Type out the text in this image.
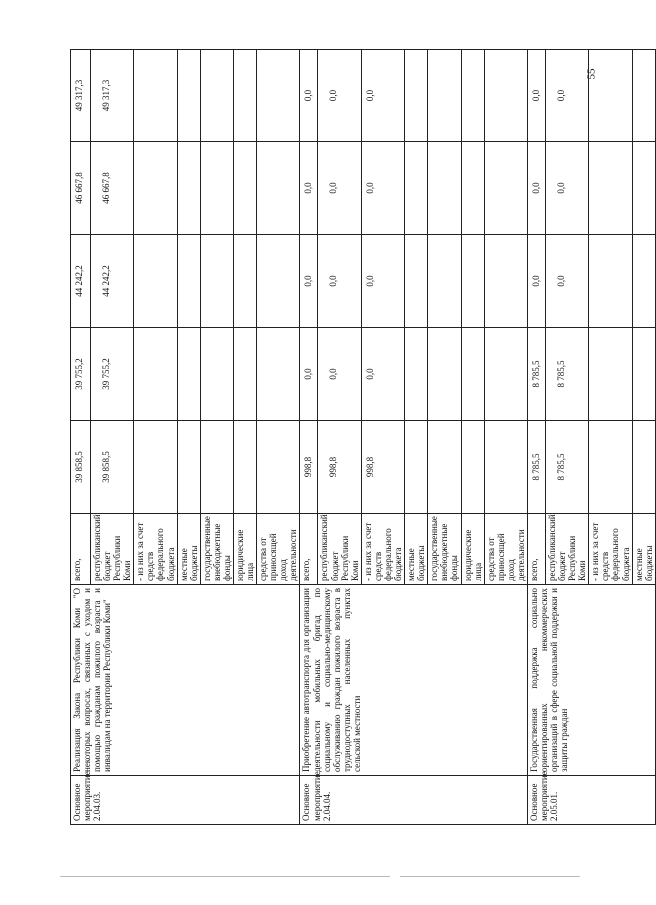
55
Основное мероприятие 2.04.03.	Реализация Закона Республики Коми "О некоторых вопросах, связанных с уходом и помощью гражданам пожилого возраста и инвалидам на территории Республики Коми"	всего,	39 858,5	39 755,2	44 242,2	46 667,8	49 317,3
		республиканский бюджет Республики Коми	39 858,5	39 755,2	44 242,2	46 667,8	49 317,3
		- из них за счет средств федерального бюджета					
		местные бюджеты					
		государственные внебюджетные фонды					
		юридические лица					
		средства от приносящей доход деятельности					
Основное мероприятие 2.04.04.	Приобретение автотранспорта для организации деятельности мобильных бригад по социальному и социально-медицинскому обслуживанию граждан пожилого возраста в труднодоступных населенных пунктах сельской местности	всего,	998,8	0,0	0,0	0,0	0,0
		республиканский бюджет Республики Коми	998,8	0,0	0,0	0,0	0,0
		- из них за счет средств федерального бюджета	998,8	0,0	0,0	0,0	0,0
		местные бюджеты					
		государственные внебюджетные фонды					
		юридические лица					
		средства от приносящей доход деятельности					
Основное мероприятие 2.05.01.	Государственная поддержка социально ориентированных некоммерческих организаций в сфере социальной поддержки и защиты граждан	всего,	8 785,5	8 785,5	0,0	0,0	0,0
		республиканский бюджет Республики Коми	8 785,5	8 785,5	0,0	0,0	0,0
		- из них за счет средств федерального бюджета					
		местные бюджеты					
